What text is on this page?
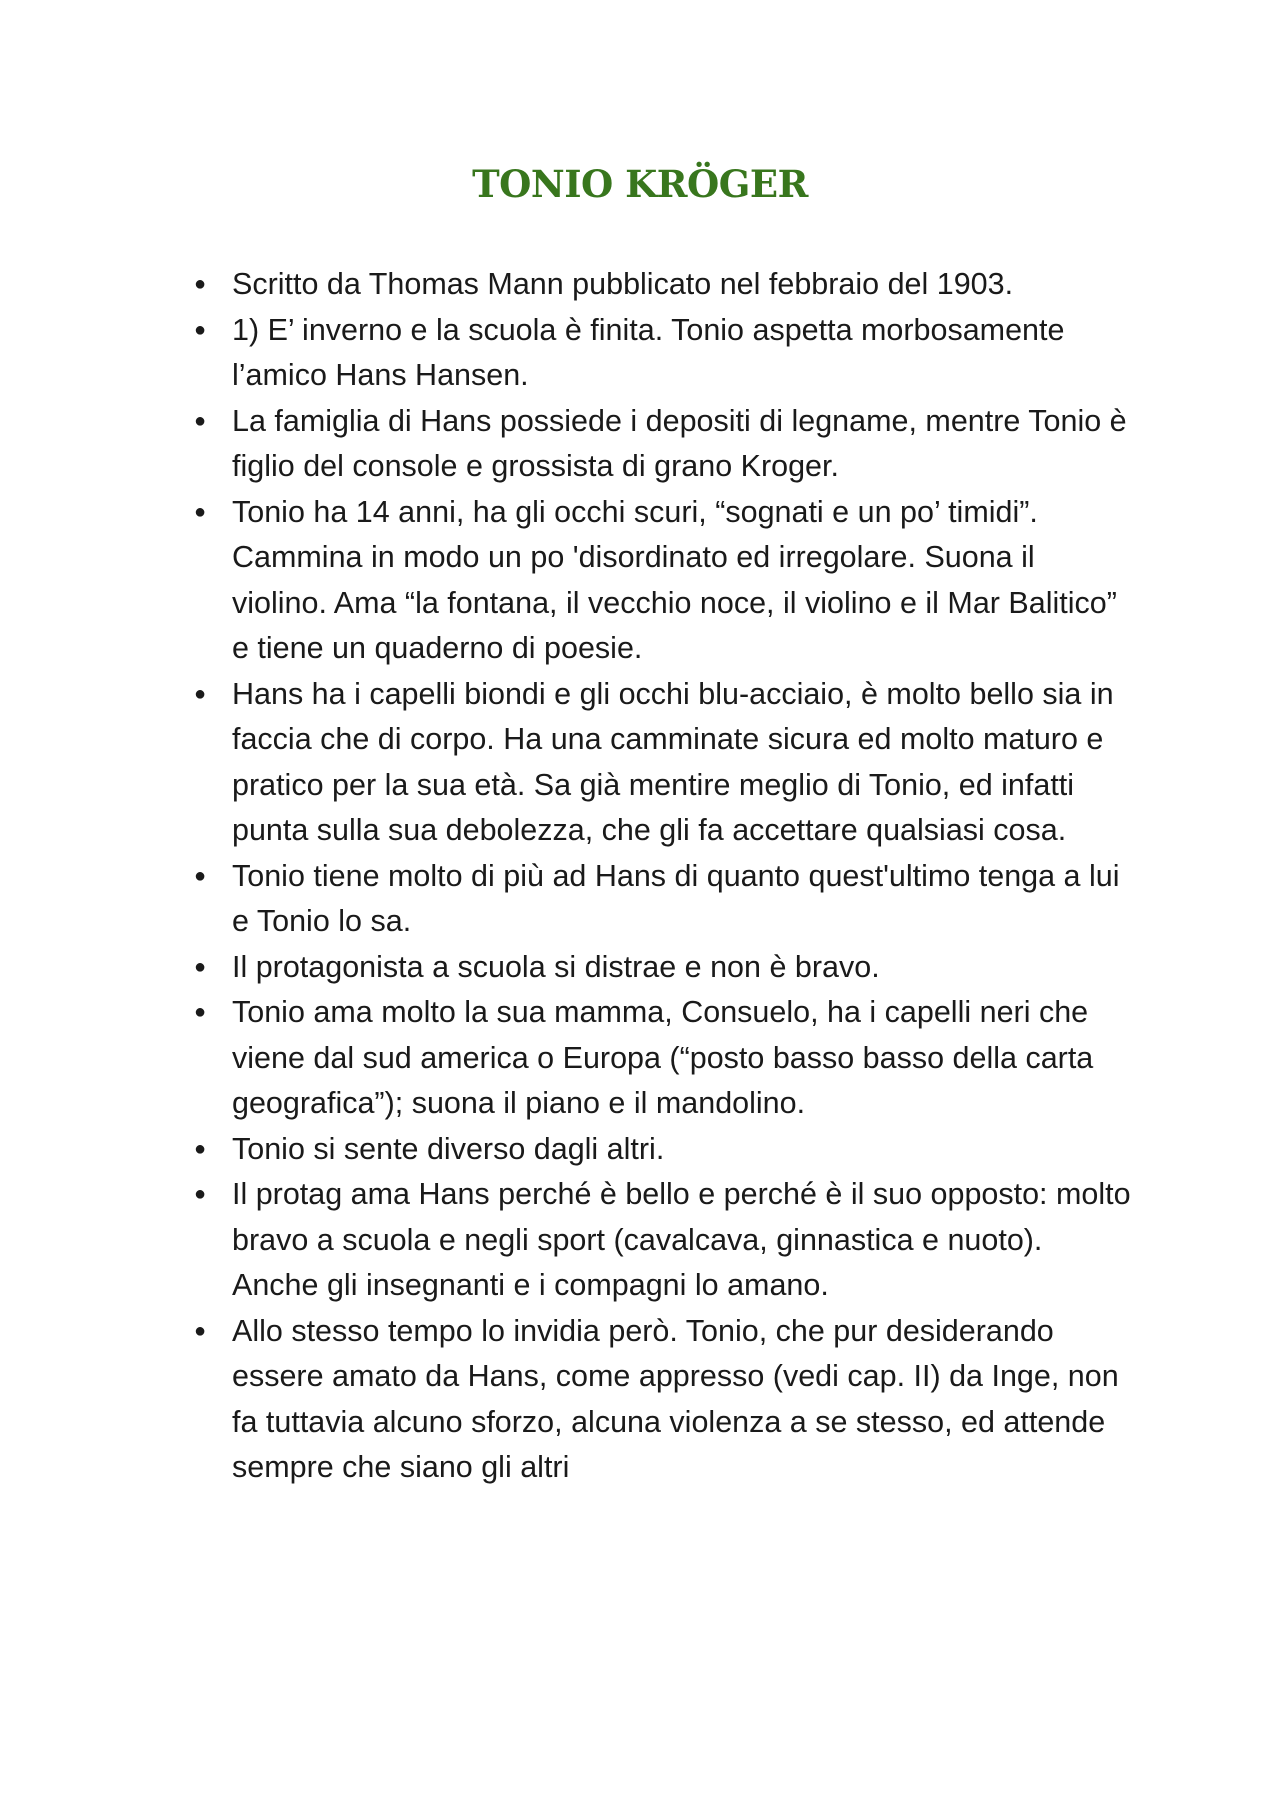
TONIO KRÖGER
●
Scritto da Thomas Mann pubblicato nel febbraio del 1903.
●
1) E’ inverno e la scuola è finita. Tonio aspetta morbosamente l’amico Hans Hansen.
●
La famiglia di Hans possiede i depositi di legname, mentre Tonio è figlio del console e grossista di grano Kroger.
●
Tonio ha 14 anni, ha gli occhi scuri, “sognati e un po’ timidi”. Cammina in modo un po 'disordinato ed irregolare. Suona il violino. Ama “la fontana, il vecchio noce, il violino e il Mar Balitico” e tiene un quaderno di poesie.
●
Hans ha i capelli biondi e gli occhi blu-acciaio, è molto bello sia in faccia che di corpo. Ha una camminate sicura ed molto maturo e pratico per la sua età. Sa già mentire meglio di Tonio, ed infatti punta sulla sua debolezza, che gli fa accettare qualsiasi cosa.
●
Tonio tiene molto di più ad Hans di quanto quest'ultimo tenga a lui e Tonio lo sa.
●
Il protagonista a scuola si distrae e non è bravo.
●
Tonio ama molto la sua mamma, Consuelo, ha i capelli neri che viene dal sud america o Europa (“posto basso basso della carta geografica”); suona il piano e il mandolino.
●
Tonio si sente diverso dagli altri.
●
Il protag ama Hans perché è bello e perché è il suo opposto: molto bravo a scuola e negli sport (cavalcava, ginnastica e nuoto). Anche gli insegnanti e i compagni lo amano.
●
Allo stesso tempo lo invidia però. Tonio, che pur desiderando essere amato da Hans, come appresso (vedi cap. II) da Inge, non fa tuttavia alcuno sforzo, alcuna violenza a se stesso, ed attende sempre che siano gli altri
